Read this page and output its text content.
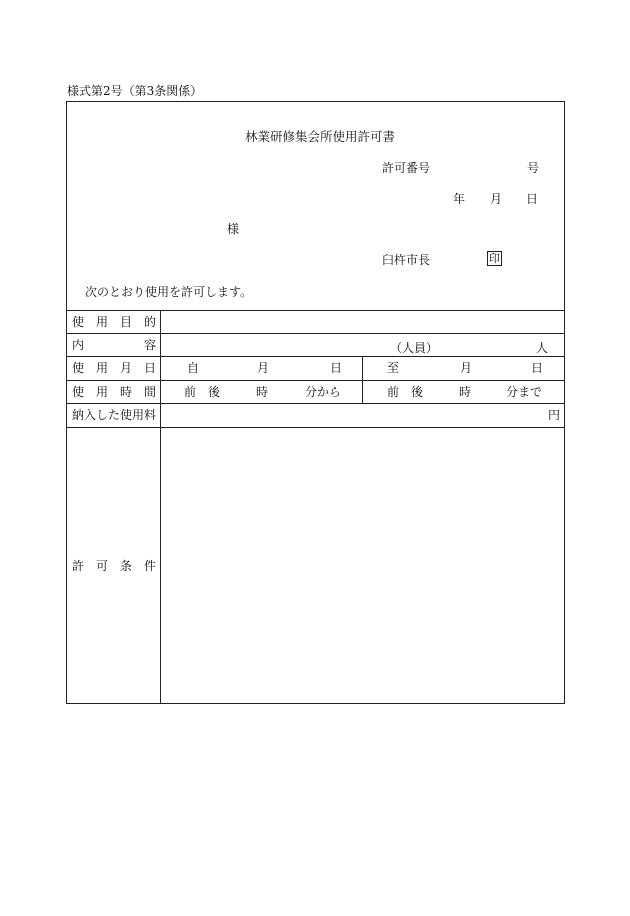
様式第2号（第3条関係）
林業研修集会所使用許可書
許可番号	号
年 月 日
様
臼杵市長	印
次のとおり使用を許可します。
使用目的
内容	（人員）	人
使用月日	自	月	日	至	月	日
使用時間 前　後	時	分から	前　後	時	分まで
納入した使用料	円
許可条件
